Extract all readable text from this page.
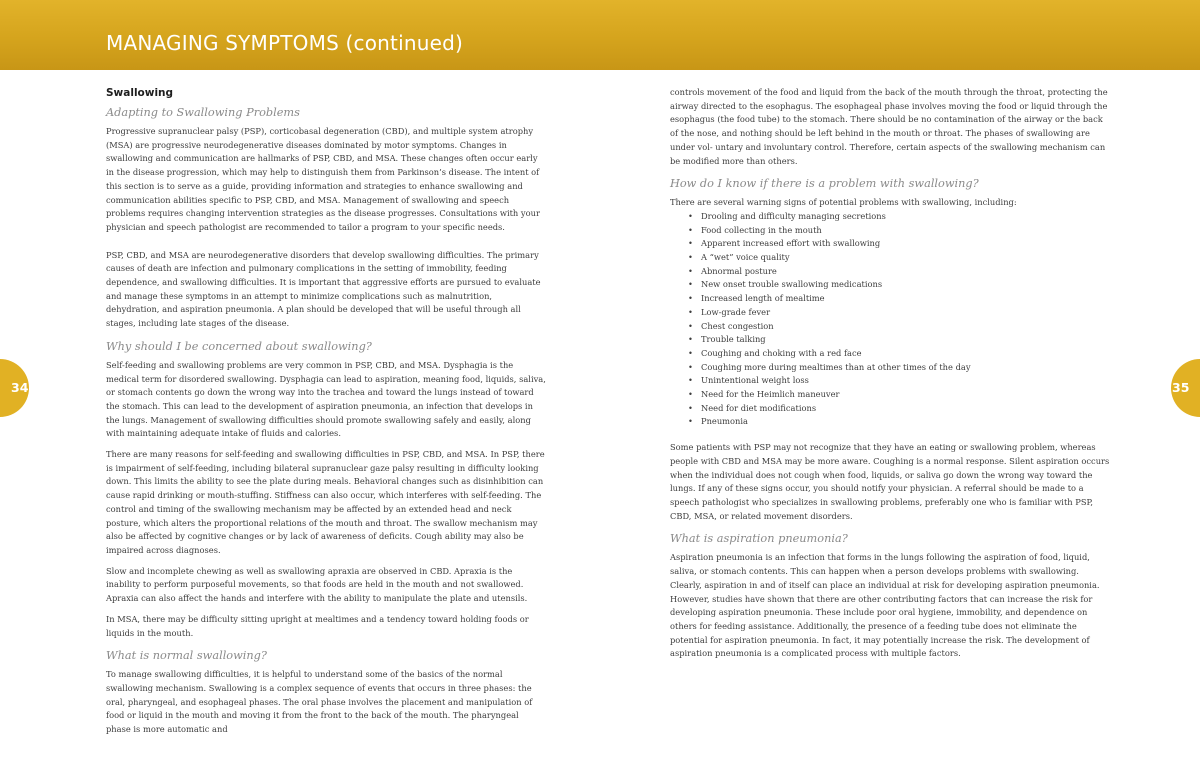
MANAGING SYMPTOMS (continued)
34	35
Swallowing
Adapting to Swallowing Problems

Progressive supranuclear palsy (PSP), corticobasal degeneration (CBD), and multiple system atrophy (MSA) are progressive neurodegenerative diseases dominated by motor symptoms. Changes in swallowing and communication are hallmarks of PSP, CBD, and MSA. These changes often occur early in the disease progression, which may help to distinguish them from Parkinson’s disease. The intent of this section is to serve as a guide, providing information and strategies to enhance swallowing and communication abilities specific to PSP, CBD, and MSA. Management of swallowing and speech problems requires changing intervention strategies as the disease progresses. Consultations with your physician and speech pathologist are recommended to tailor a program to your specific needs.

PSP, CBD, and MSA are neurodegenerative disorders that develop swallowing difficulties. The primary causes of death are infection and pulmonary complications in the setting of immobility, feeding dependence, and swallowing difficulties. It is important that aggressive efforts are pursued to evaluate and manage these symptoms in an attempt to minimize complications such as malnutrition, dehydration, and aspiration pneumonia. A plan should be developed that will be useful through all stages, including late stages of the disease.

Why should I be concerned about swallowing?

Self-feeding and swallowing problems are very common in PSP, CBD, and MSA. Dysphagia is the medical term for disordered swallowing. Dysphagia can lead to aspiration, meaning food, liquids, saliva, or stomach contents go down the wrong way into the trachea and toward the lungs instead of toward the stomach. This can lead to the development of aspiration pneumonia, an infection that develops in the lungs. Management of swallowing difficulties should promote swallowing safely and easily, along with maintaining adequate intake of fluids and calories.

There are many reasons for self-feeding and swallowing difficulties in PSP, CBD, and MSA. In PSP, there is impairment of self-feeding, including bilateral supranuclear gaze palsy resulting in difficulty looking down. This limits the ability to see the plate during meals. Behavioral changes such as disinhibition can cause rapid drinking or mouth-stuffing. Stiffness can also occur, which interferes with self-feeding. The control and timing of the swallowing mechanism may be affected by an extended head and neck posture, which alters the proportional relations of the mouth and throat. The swallow mechanism may also be affected by cognitive changes or by lack of awareness of deficits. Cough ability may also be impaired across diagnoses.

Slow and incomplete chewing as well as swallowing apraxia are observed in CBD. Apraxia is the inability to perform purposeful movements, so that foods are held in the mouth and not swallowed. Apraxia can also affect the hands and interfere with the ability to manipulate the plate and utensils.

In MSA, there may be difficulty sitting upright at mealtimes and a tendency toward holding foods or liquids in the mouth.

What is normal swallowing?

To manage swallowing difficulties, it is helpful to understand some of the basics of the normal swallowing mechanism. Swallowing is a complex sequence of events that occurs in three phases: the oral, pharyngeal, and esophageal phases. The oral phase involves the placement and manipulation of food or liquid in the mouth and moving it from the front to the back of the mouth. The pharyngeal phase is more automatic and

controls movement of the food and liquid from the back of the mouth through the throat, protecting the airway directed to the esophagus. The esophageal phase involves moving the food or liquid through the esophagus (the food tube) to the stomach. There should be no contamination of the airway or the back of the nose, and nothing should be left behind in the mouth or throat. The phases of swallowing are under vol- untary and involuntary control. Therefore, certain aspects of the swallowing mechanism can be modified more than others.

How do I know if there is a problem with swallowing?

There are several warning signs of potential problems with swallowing, including:

• Drooling and difficulty managing secretions
• Food collecting in the mouth
• Apparent increased effort with swallowing
• A “wet” voice quality
• Abnormal posture
• New onset trouble swallowing medications
• Increased length of mealtime
• Low-grade fever
• Chest congestion
• Trouble talking
• Coughing and choking with a red face
• Coughing more during mealtimes than at other times of the day
• Unintentional weight loss
• Need for the Heimlich maneuver
• Need for diet modifications
• Pneumonia

Some patients with PSP may not recognize that they have an eating or swallowing problem, whereas people with CBD and MSA may be more aware. Coughing is a normal response. Silent aspiration occurs when the individual does not cough when food, liquids, or saliva go down the wrong way toward the lungs. If any of these signs occur, you should notify your physician. A referral should be made to a speech pathologist who specializes in swallowing problems, preferably one who is familiar with PSP, CBD, MSA, or related movement disorders.

What is aspiration pneumonia?

Aspiration pneumonia is an infection that forms in the lungs following the aspiration of food, liquid, saliva, or stomach contents. This can happen when a person develops problems with swallowing. Clearly, aspiration in and of itself can place an individual at risk for developing aspiration pneumonia. However, studies have shown that there are other contributing factors that can increase the risk for developing aspiration pneumonia. These include poor oral hygiene, immobility, and dependence on others for feeding assistance. Additionally, the presence of a feeding tube does not eliminate the potential for aspiration pneumonia. In fact, it may potentially increase the risk. The development of aspiration pneumonia is a complicated process with multiple factors.
